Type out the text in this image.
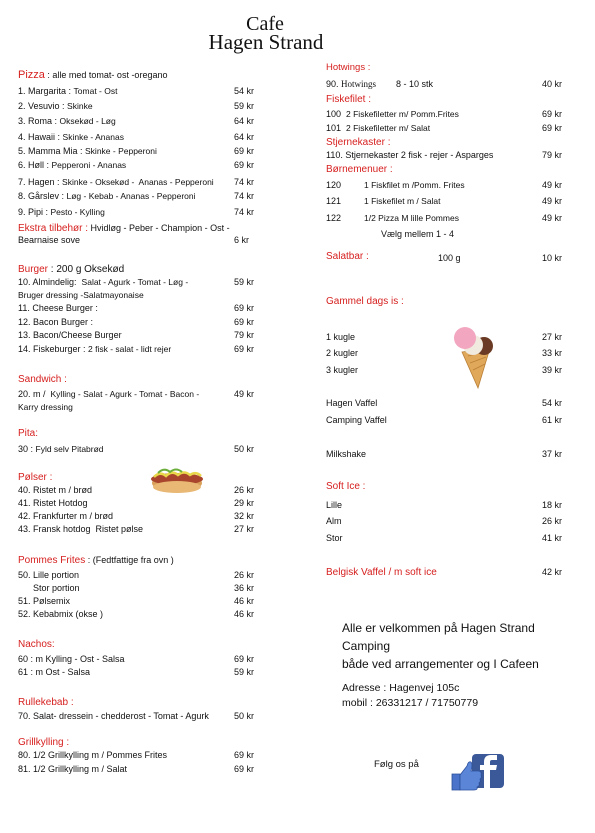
Cafe
Hagen Strand
Pizza : alle med tomat- ost -oregano
1. Margarita : Tomat - Ost	54 kr
2. Vesuvio : Skinke	59 kr
3. Roma : Oksekød - Løg	64 kr
4. Hawaii : Skinke - Ananas	64 kr
5. Mamma Mia : Skinke - Pepperoni	69 kr
6. Høll : Pepperoni - Ananas	69 kr
7. Hagen : Skinke - Oksekød -  Ananas - Pepperoni 74 kr
8. Gårslev : Løg - Kebab - Ananas - Pepperoni	74 kr
9. Pipi : Pesto - Kylling	74 kr
Ekstra tilbehør : Hvidløg - Peber - Champion - Ost -
Bearnaise sove	6 kr
Burger : 200 g Oksekød
10. Almindelig:  Salat - Agurk - Tomat - Løg -	59 kr
Bruger dressing -Salatmayonaise
11. Cheese Burger :	69 kr
12. Bacon Burger :	69 kr
13. Bacon/Cheese Burger	79 kr
14. Fiskeburger : 2 fisk - salat - lidt rejer	69 kr
Sandwich :
20. m /  Kylling - Salat - Agurk - Tomat - Bacon -	49 kr
Karry dressing
Pita:
30 : Fyld selv Pitabrød	50 kr
Pølser :
40. Ristet m / brød	26 kr
41. Ristet Hotdog	29 kr
42. Frankfurter m / brød	32 kr
43. Fransk hotdog  Ristet pølse	27 kr
Pommes Frites : (Fedtfattige fra ovn )
50. Lille portion	26 kr
Stor portion	36 kr
51. Pølsemix	46 kr
52. Kebabmix (okse )	46 kr
Nachos:
60 : m Kylling - Ost - Salsa	69 kr
61 : m Ost - Salsa	59 kr
Rullekebab :
70. Salat- dressein - chedderost - Tomat - Agurk	50 kr
Grillkylling :
80. 1/2 Grillkylling m / Pommes Frites	69 kr
81. 1/2 Grillkylling m / Salat	69 kr
Hotwings :
90. Hotwings 8 - 10 stk	40 kr
Fiskefilet :
100  2 Fiskefiletter m/ Pomm.Frites	69 kr
101  2 Fiskefiletter m/ Salat	69 kr
Stjernekaster :
110. Stjernekaster 2 fisk - rejer - Asparges	79 kr
Børnemenuer :
120	1 Fiskfilet m /Pomm. Frites	49 kr
121	1 Fiskefilet m / Salat	49 kr
122	1/2 Pizza M lille Pommes	49 kr
Vælg mellem 1 - 4
Salatbar :	100 g	10 kr
Gammel dags is :
1 kugle	27 kr
2 kugler	33 kr
3 kugler	39 kr
Hagen Vaffel	54 kr
Camping Vaffel	61 kr
Milkshake	37 kr
Soft Ice :
Lille	18 kr
Alm	26 kr
Stor	41 kr
Belgisk Vaffel / m soft ice	42 kr
Alle er velkommen på Hagen Strand
Camping
både ved arrangementer og I Cafeen
Adresse : Hagenvej 105c
mobil : 26331217 / 71750779
Følg os på
